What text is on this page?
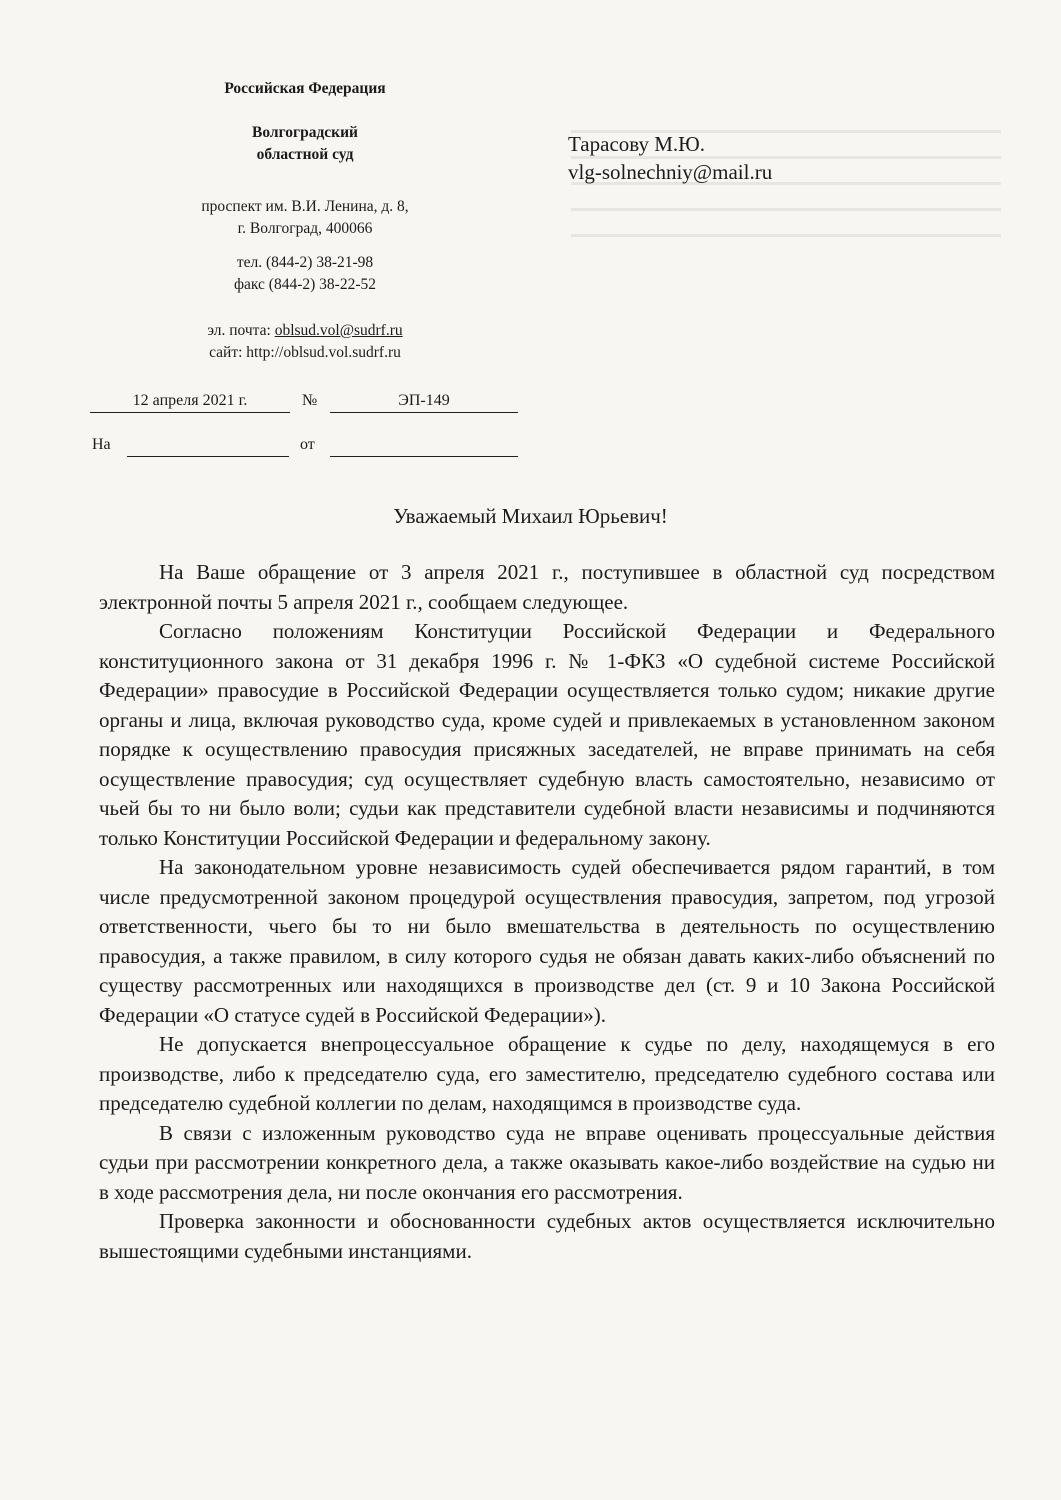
Российская Федерация
Волгоградский
областной суд
проспект им. В.И. Ленина, д. 8,
г. Волгоград, 400066
тел. (844-2) 38-21-98
факс (844-2) 38-22-52
эл. почта: oblsud.vol@sudrf.ru
сайт: http://oblsud.vol.sudrf.ru
Тарасову М.Ю.
vlg-solnechniy@mail.ru
12 апреля 2021 г.	№	ЭП-149
На	от
Уважаемый Михаил Юрьевич!

На Ваше обращение от 3 апреля 2021 г., поступившее в областной суд посредством электронной почты 5 апреля 2021 г., сообщаем следующее.

Согласно положениям Конституции Российской Федерации и Федерального конституционного закона от 31 декабря 1996 г. № 1-ФКЗ «О судебной системе Российской Федерации» правосудие в Российской Федерации осуществляется только судом; никакие другие органы и лица, включая руководство суда, кроме судей и привлекаемых в установленном законом порядке к осуществлению правосудия присяжных заседателей, не вправе принимать на себя осуществление правосудия; суд осуществляет судебную власть самостоятельно, независимо от чьей бы то ни было воли; судьи как представители судебной власти независимы и подчиняются только Конституции Российской Федерации и федеральному закону.

На законодательном уровне независимость судей обеспечивается рядом гарантий, в том числе предусмотренной законом процедурой осуществления правосудия, запретом, под угрозой ответственности, чьего бы то ни было вмешательства в деятельность по осуществлению правосудия, а также правилом, в силу которого судья не обязан давать каких-либо объяснений по существу рассмотренных или находящихся в производстве дел (ст. 9 и 10 Закона Российской Федерации «О статусе судей в Российской Федерации»).

Не допускается внепроцессуальное обращение к судье по делу, находящемуся в его производстве, либо к председателю суда, его заместителю, председателю судебного состава или председателю судебной коллегии по делам, находящимся в производстве суда.

В связи с изложенным руководство суда не вправе оценивать процессуальные действия судьи при рассмотрении конкретного дела, а также оказывать какое-либо воздействие на судью ни в ходе рассмотрения дела, ни после окончания его рассмотрения.

Проверка законности и обоснованности судебных актов осуществляется исключительно вышестоящими судебными инстанциями.
